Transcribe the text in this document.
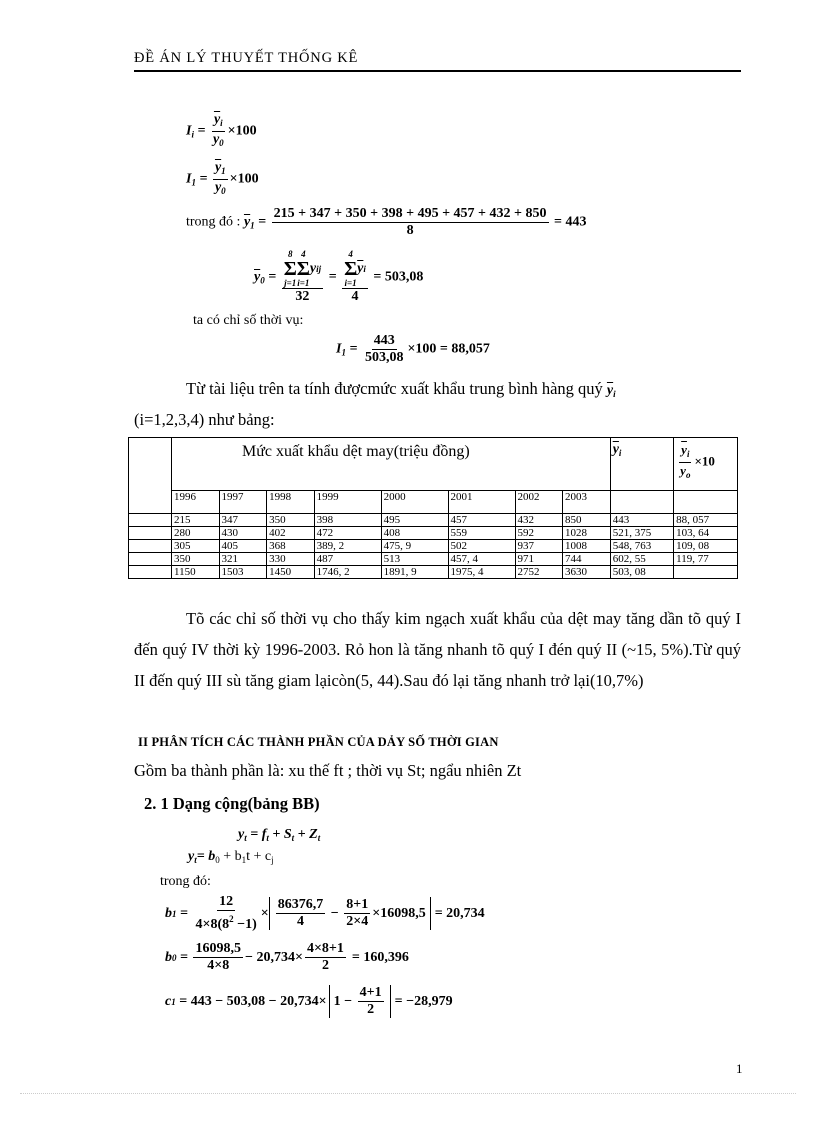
ĐỀ ÁN LÝ THUYẾT THỐNG KÊ
$I_i = \frac{\overline{y}_i}{\overline{y}_0} \times 100$
$I_1 = \frac{\overline{y}_1}{\overline{y}_0} \times 100$
trong đó : $\overline{y}_1 = \frac{215 + 347 + 350 + 398 + 495 + 457 + 432 + 850}{8} = 443$
$\overline{y}_0 = 8$
Σ
j=1
4
Σ
i=1
y ij
32 = 4
Σ
i=1
$\overline{y}$ i
4 = 503,08
ta có chỉ số thời vụ:
$I_1 = \frac{443}{503,08} \times 100 = 88,057$
Từ tài liệu trên ta tính đượcmức xuất khẩu trung bình hàng quý $\overline{y}_i$
(i=1,2,3,4) như bảng:
	Mức xuất khẩu dệt may(triệu đồng)								$\overline{y}_i$	$\frac{\overline{y}_i}{\overline{y}_o} \times 10$
	1996	1997	1998	1999	2000	2001	2002	2003		
	215	347	350	398	495	457	432	850	443	88, 057
	280	430	402	472	408	559	592	1028	521, 375	103, 64
	305	405	368	389, 2	475, 9	502	937	1008	548, 763	109, 08
	350	321	330	487	513	457, 4	971	744	602, 55	119, 77
	1150	1503	1450	1746, 2	1891, 9	1975, 4	2752	3630	503, 08	
Tõ các chỉ số thời vụ cho thấy kim ngạch xuất khẩu của dệt may tăng dần tõ quý I đến quý IV thời kỳ 1996-2003. Rỏ hon là tăng nhanh tõ quý I đén quý II (~15, 5%).Từ quý II đến quý III sù tăng giam lạicòn(5, 44).Sau đó lại tăng nhanh trở lại(10,7%)
II PHÂN TÍCH CÁC THÀNH PHẦN CỦA DẢY SỐ THỜI GIAN
Gồm ba thành phần là: xu thế ft ; thời vụ St; ngẩu nhiên Zt
2. 1 Dạng cộng(bảng BB)
$y_t = f_t + S_t + Z_t$
$y_t= b_0 + b_1t + c_j$
trong đó:
b $1 = \frac{12}{4\times 8(8^2 -1)} \times \frac{86376,7}{4} - \frac{8+1}{2\times 4} \times 16098,5 = 20,734$
b $0 = \frac{16098,5}{4\times 8} - 20,734\times \frac{4\times 8+1}{2} = 160,396$
c 1
= 443 − 503,08 − 20,734× 1 −
$\frac{4+1}{2} = -28,979$
1
